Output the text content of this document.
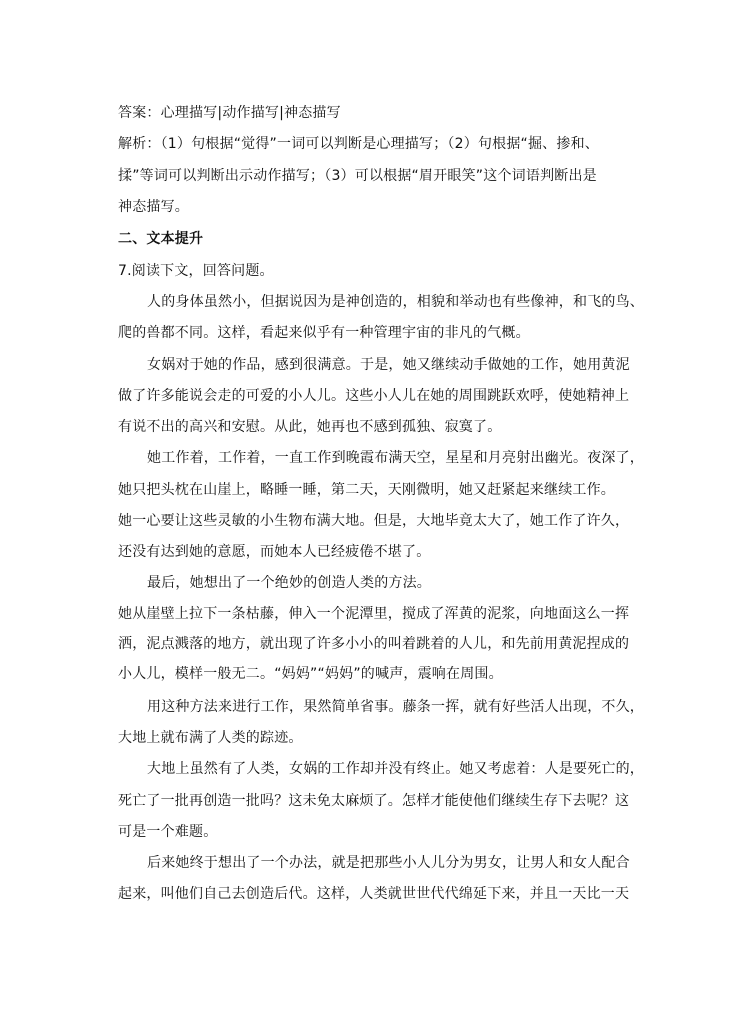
答案：心理描写|动作描写|神态描写
解析：（1）句根据“觉得”一词可以判断是心理描写；（2）句根据“掘、掺和、
揉”等词可以判断出示动作描写；（3）可以根据“眉开眼笑”这个词语判断出是
神态描写。
二、文本提升
7.阅读下文，回答问题。
人的身体虽然小，但据说因为是神创造的，相貌和举动也有些像神，和飞的鸟、
爬的兽都不同。这样，看起来似乎有一种管理宇宙的非凡的气概。
女娲对于她的作品，感到很满意。于是，她又继续动手做她的工作，她用黄泥
做了许多能说会走的可爱的小人儿。这些小人儿在她的周围跳跃欢呼，使她精神上
有说不出的高兴和安慰。从此，她再也不感到孤独、寂寞了。
她工作着，工作着，一直工作到晚霞布满天空，星星和月亮射出幽光。夜深了，
她只把头枕在山崖上，略睡一睡，第二天，天刚微明，她又赶紧起来继续工作。
她一心要让这些灵敏的小生物布满大地。但是，大地毕竟太大了，她工作了许久，
还没有达到她的意愿，而她本人已经疲倦不堪了。
最后，她想出了一个绝妙的创造人类的方法。
她从崖壁上拉下一条枯藤，伸入一个泥潭里，搅成了浑黄的泥浆，向地面这么一挥
洒，泥点溅落的地方，就出现了许多小小的叫着跳着的人儿，和先前用黄泥捏成的
小人儿，模样一般无二。“妈妈”“妈妈”的喊声，震响在周围。
用这种方法来进行工作，果然简单省事。藤条一挥，就有好些活人出现，不久，
大地上就布满了人类的踪迹。
大地上虽然有了人类，女娲的工作却并没有终止。她又考虑着：人是要死亡的，
死亡了一批再创造一批吗？这未免太麻烦了。怎样才能使他们继续生存下去呢？这
可是一个难题。
后来她终于想出了一个办法，就是把那些小人儿分为男女，让男人和女人配合
起来，叫他们自己去创造后代。这样，人类就世世代代绵延下来，并且一天比一天
